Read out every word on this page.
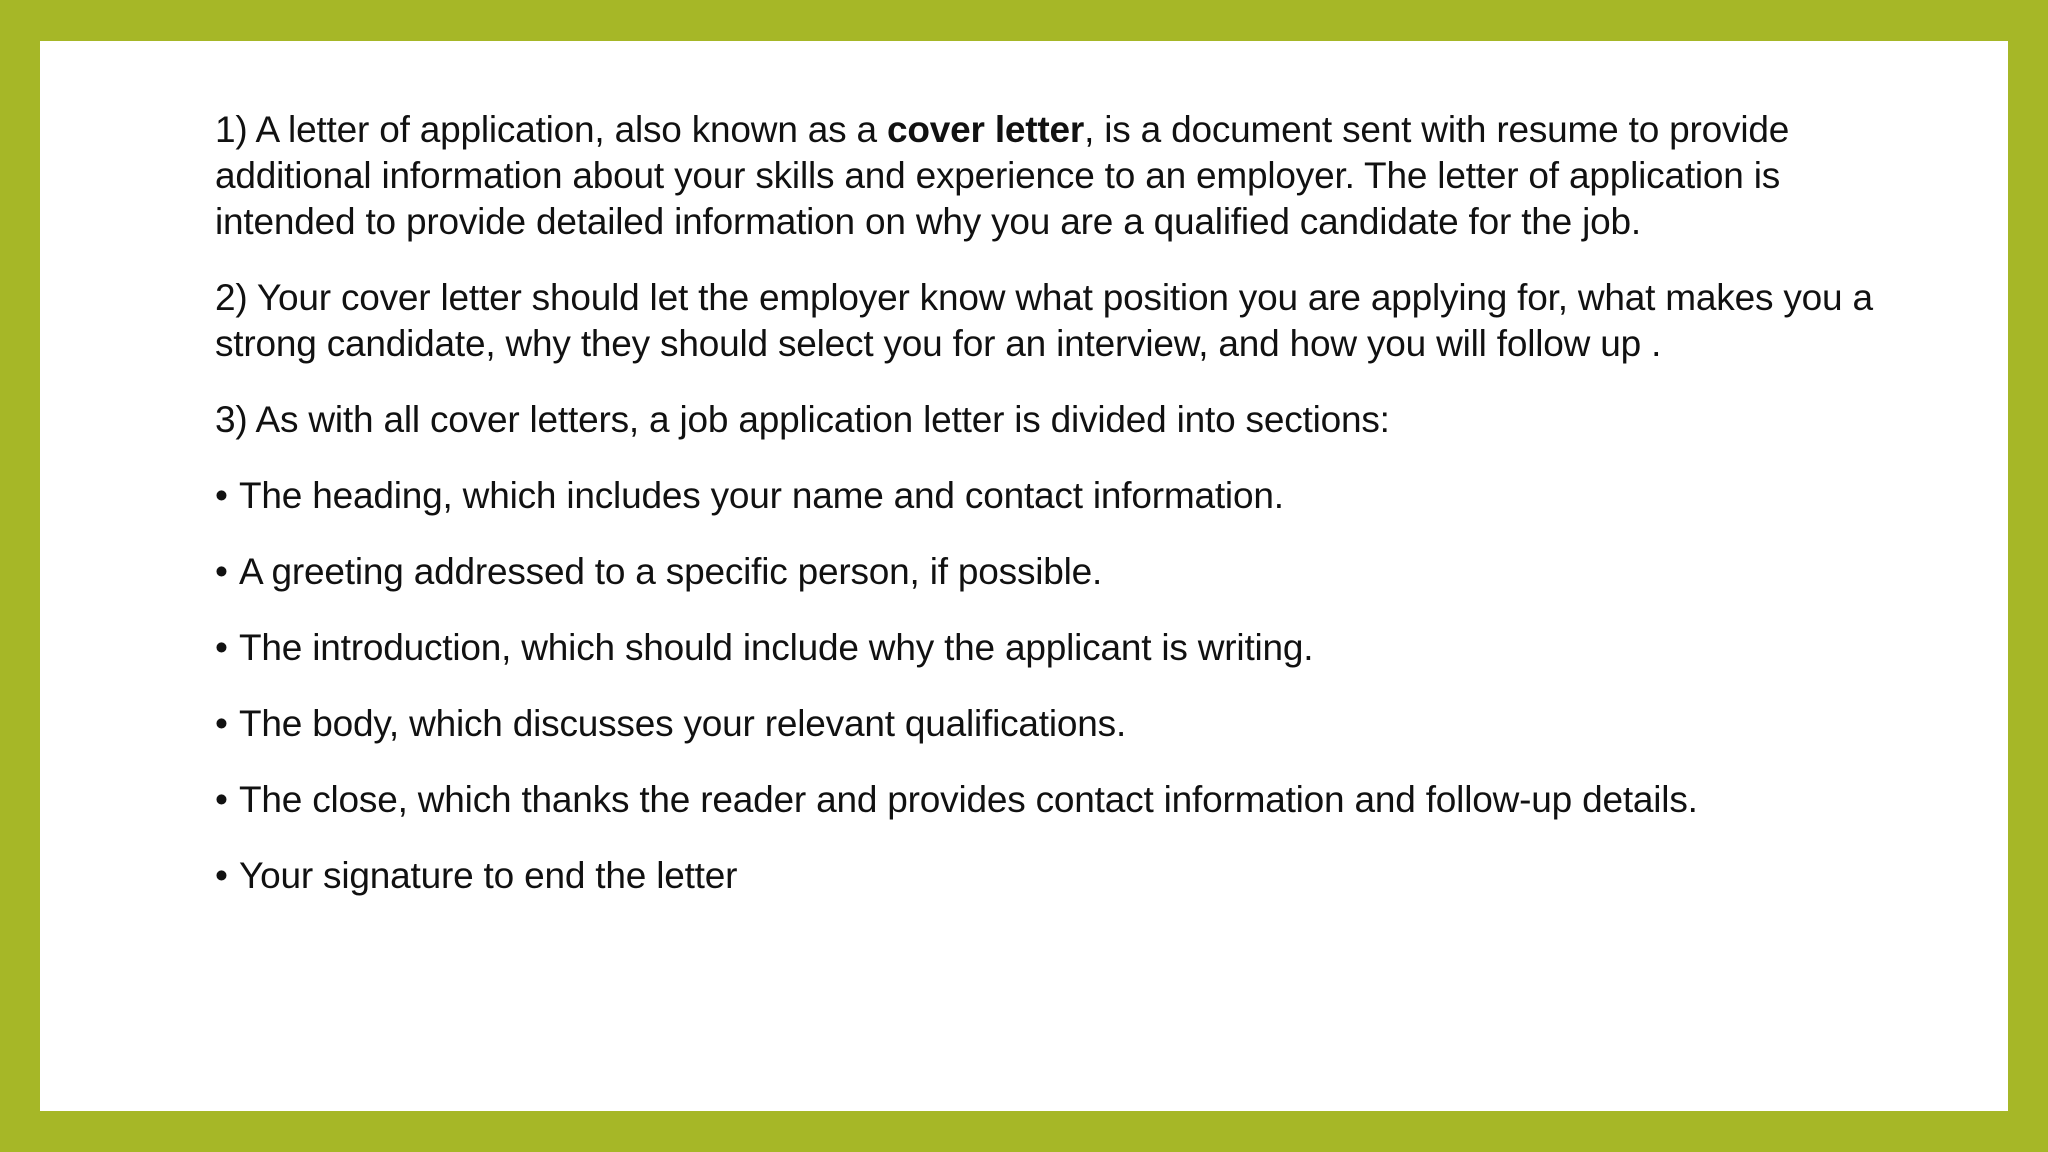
1) A letter of application, also known as a cover letter, is a document sent with resume to provide additional information about your skills and experience to an employer. The letter of application is intended to provide detailed information on why you are a qualified candidate for the job.

2) Your cover letter should let the employer know what position you are applying for, what makes you a strong candidate, why they should select you for an interview, and how you will follow up .

3) As with all cover letters, a job application letter is divided into sections:

• The heading, which includes your name and contact information.
• A greeting addressed to a specific person, if possible.
• The introduction, which should include why the applicant is writing.
• The body, which discusses your relevant qualifications.
• The close, which thanks the reader and provides contact information and follow-up details.
• Your signature to end the letter
